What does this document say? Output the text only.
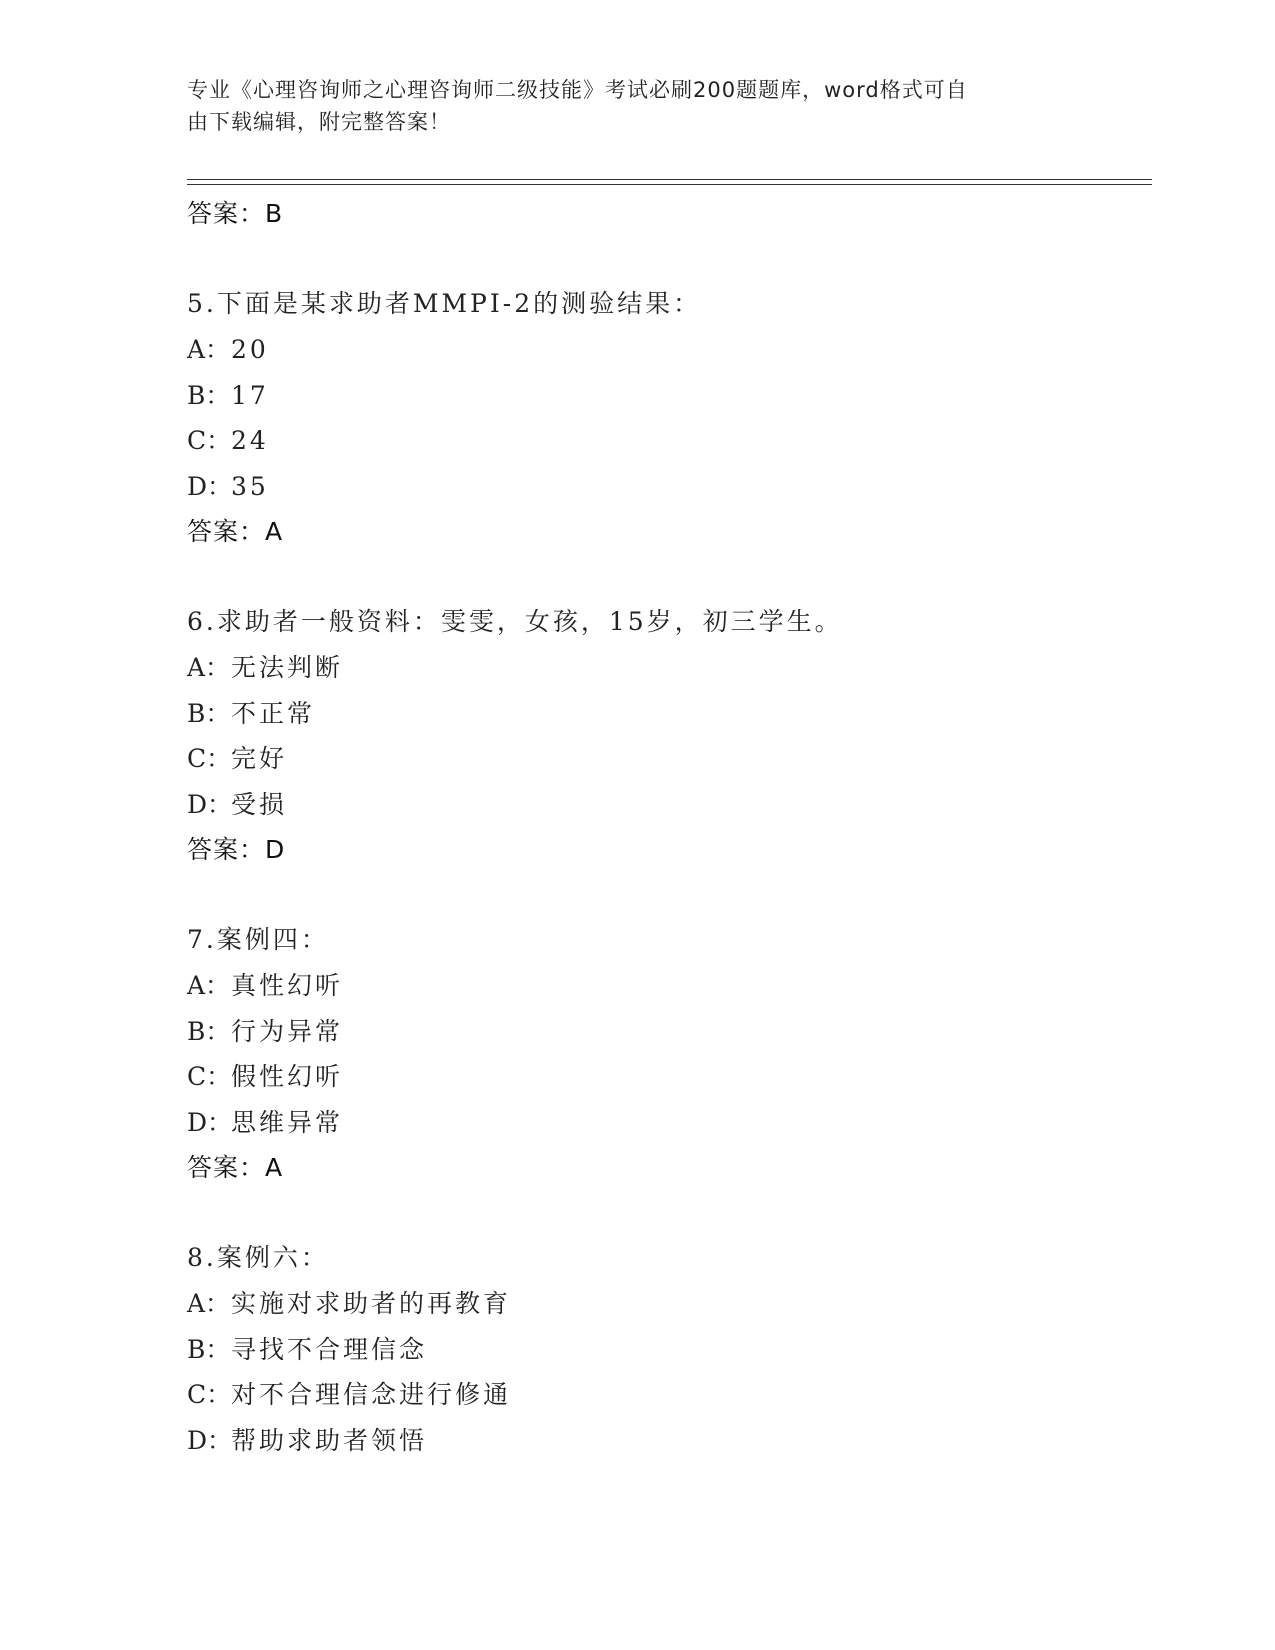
专业《心理咨询师之心理咨询师二级技能》考试必刷200题题库，word格式可自
由下载编辑，附完整答案！
答案：B
5.下面是某求助者MMPI-2的测验结果：
A：20
B：17
C：24
D：35
答案：A
6.求助者一般资料：雯雯，女孩，15岁，初三学生。
A：无法判断
B：不正常
C：完好
D：受损
答案：D
7.案例四：
A：真性幻听
B：行为异常
C：假性幻听
D：思维异常
答案：A
8.案例六：
A：实施对求助者的再教育
B：寻找不合理信念
C：对不合理信念进行修通
D：帮助求助者领悟
